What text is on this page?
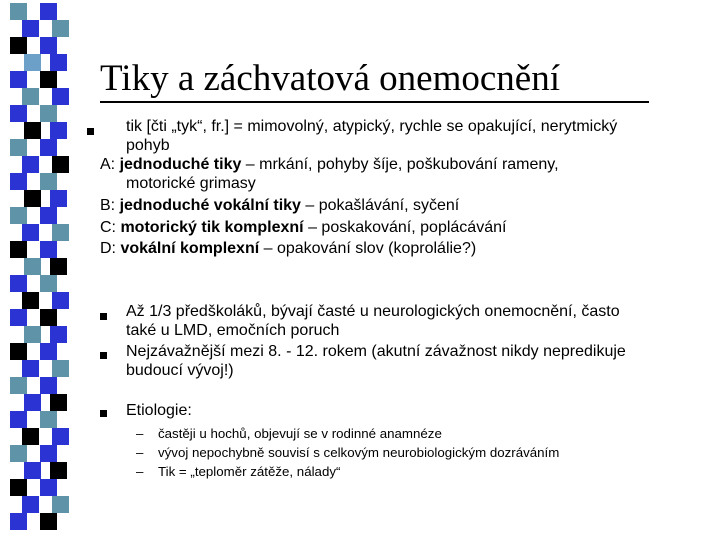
Tiky a záchvatová onemocnění
tik [čti „tyk“, fr.] = mimovolný, atypický, rychle se opakující, nerytmický
pohyb
A: jednoduché tiky – mrkání, pohyby šíje, poškubování rameny,
motorické grimasy
B: jednoduché vokální tiky – pokašlávání, syčení
C: motorický tik komplexní – poskakování, poplácávání
D: vokální komplexní – opakování slov (koprolálie?)
Až 1/3 předškoláků, bývají časté u neurologických onemocnění, často
také u LMD, emočních poruch
Nejzávažnější mezi 8. - 12. rokem (akutní závažnost nikdy nepredikuje
budoucí vývoj!)
Etiologie:
– častěji u hochů, objevují se v rodinné anamnéze
– vývoj nepochybně souvisí s celkovým neurobiologickým dozráváním
– Tik = „teploměr zátěže, nálady“
